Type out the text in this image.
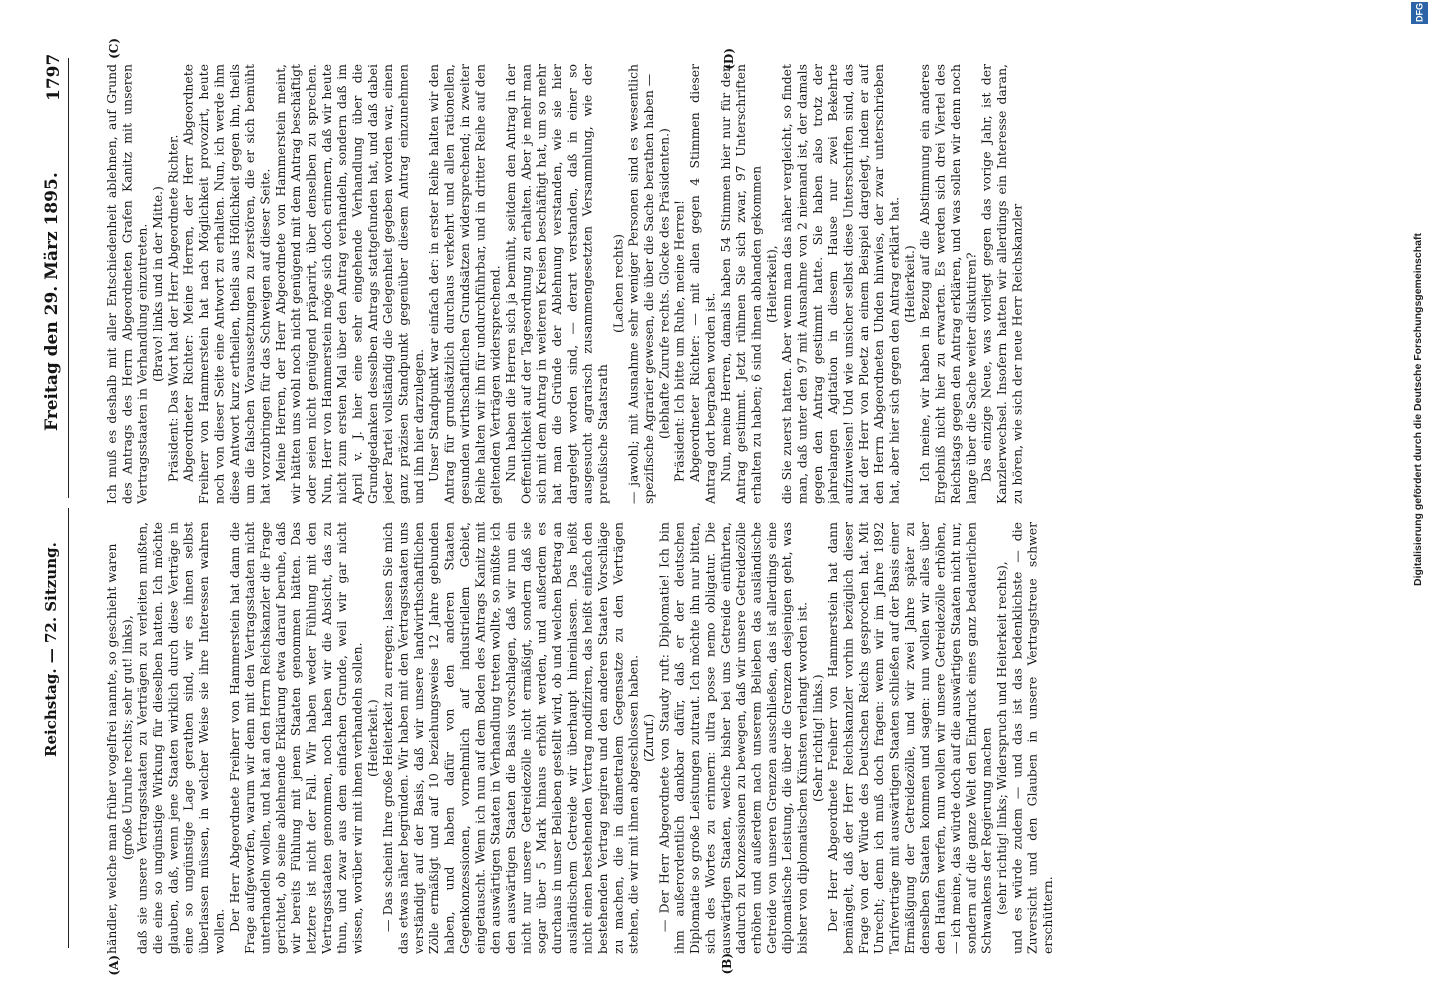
Reichstag. — 72. Sitzung.
Freitag den 29. März 1895.
1797
(A)	(B)
(D)
(C)

händler, welche man früher vogelfrei nannte, so geschieht waren (große Unruhe rechts; sehr gut! links), daß sie unsere Vertragsstaaten zu Verträgen zu verleiten mußten, die eine so ungünstige Wirkung für dieselben hatten. Ich möchte glauben, daß, wenn jene Staaten wirklich durch diese Verträge in eine so ungünstige Lage gerathen sind, wir es ihnen selbst überlassen müssen, in welcher Weise sie ihre Interessen wahren wollen. Der Herr Abgeordnete Freiherr von Hammerstein hat dann die Frage aufgeworfen, warum wir denn mit den Vertragsstaaten nicht unterhandeln wollen, und hat an den Herrn Reichskanzler die Frage gerichtet, ob seine ablehnende Erklärung etwa darauf beruhe, daß wir bereits Fühlung mit jenen Staaten genommen hätten. Das letztere ist nicht der Fall. Wir haben weder Fühlung mit den Vertragsstaaten genommen, noch haben wir die Absicht, das zu thun, und zwar aus dem einfachen Grunde, weil wir gar nicht wissen, worüber wir mit ihnen verhandeln sollen. (Heiterkeit.) — Das scheint Ihre große Heiterkeit zu erregen; lassen Sie mich das etwas näher begründen. Wir haben mit den Vertragsstaaten uns verständigt auf der Basis, daß wir unsere landwirthschaftlichen Zölle ermäßigt und auf 10 beziehungsweise 12 Jahre gebunden haben, und haben dafür von den anderen Staaten Gegenkonzessionen, vornehmlich auf industriellem Gebiet, eingetauscht. Wenn ich nun auf dem Boden des Antrags Kanitz mit den auswärtigen Staaten in Verhandlung treten wollte, so müßte ich den auswärtigen Staaten die Basis vorschlagen, daß wir nun ein nicht nur unsere Getreidezölle nicht ermäßigt, sondern daß sie sogar über 5 Mark hinaus erhöht werden, und außerdem es durchaus in unser Belieben gestellt wird, ob und welchen Betrag an ausländischem Getreide wir überhaupt hineinlassen. Das heißt nicht einen bestehenden Vertrag modifiziren, das heißt einfach den bestehenden Vertrag negiren und den anderen Staaten Vorschläge zu machen, die in diametralem Gegensatze zu den Verträgen stehen, die wir mit ihnen abgeschlossen haben. (Zuruf.) — Der Herr Abgeordnete von Staudy ruft: Diplomatie! Ich bin ihm außerordentlich dankbar dafür, daß er der deutschen Diplomatie so große Leistungen zutraut. Ich möchte ihn nur bitten, sich des Wortes zu erinnern: ultra posse nemo obligatur. Die auswärtigen Staaten, welche bisher bei uns Getreide einführten, dadurch zu Konzessionen zu bewegen, daß wir unsere Getreidezölle erhöhen und außerdem nach unserem Belieben das ausländische Getreide von unseren Grenzen ausschließen, das ist allerdings eine diplomatische Leistung, die über die Grenzen desjenigen geht, was bisher von diplomatischen Künsten verlangt worden ist. (Sehr richtig! links.) Der Herr Abgeordnete Freiherr von Hammerstein hat dann bemängelt, daß der Herr Reichskanzler vorhin bezüglich dieser Frage von der Würde des Deutschen Reichs gesprochen hat. Mit Unrecht; denn ich muß doch fragen: wenn wir im Jahre 1892 Tarifverträge mit auswärtigen Staaten schließen auf der Basis einer Ermäßigung der Getreidezölle, und wir zwei Jahre später zu denselben Staaten kommen und sagen: nun wollen wir alles über den Haufen werfen, nun wollen wir unsere Getreidezölle erhöhen, — ich meine, das würde doch auf die auswärtigen Staaten nicht nur, sondern auf die ganze Welt den Eindruck eines ganz bedauerlichen Schwankens der Regierung machen (sehr richtig! links; Widerspruch und Heiterkeit rechts), und es würde zudem — und das ist das bedenklichste — die Zuversicht und den Glauben in unsere Vertragstreue schwer erschüttern.

Ich muß es deshalb mit aller Entschiedenheit ablehnen, auf Grund des Antrags des Herrn Abgeordneten Grafen Kanitz mit unseren Vertragsstaaten in Verhandlung einzutreten. (Bravo! links und in der Mitte.) Präsident: Das Wort hat der Herr Abgeordnete Richter. Abgeordneter Richter: Meine Herren, der Herr Abgeordnete Freiherr von Hammerstein hat nach Möglichkeit provozirt, heute noch von dieser Seite eine Antwort zu erhalten. Nun, ich werde ihm diese Antwort kurz ertheilen, theils aus Höflichkeit gegen ihn, theils um die falschen Voraussetzungen zu zerstören, die er sich bemüht hat vorzubringen für das Schweigen auf dieser Seite. Meine Herren, der Herr Abgeordnete von Hammerstein meint, wir hätten uns wohl noch nicht genügend mit dem Antrag beschäftigt oder seien nicht genügend präparirt, über denselben zu sprechen. Nun, Herr von Hammerstein möge sich doch erinnern, daß wir heute nicht zum ersten Mal über den Antrag verhandeln, sondern daß im April v. J. hier eine sehr eingehende Verhandlung über die Grundgedanken desselben Antrags stattgefunden hat, und daß dabei jeder Partei vollständig die Gelegenheit gegeben worden war, einen ganz präzisen Standpunkt gegenüber diesem Antrag einzunehmen und ihn hier darzulegen. Unser Standpunkt war einfach der: in erster Reihe halten wir den Antrag für grundsätzlich durchaus verkehrt und allen rationellen, gesunden wirthschaftlichen Grundsätzen widersprechend; in zweiter Reihe halten wir ihn für undurchführbar, und in dritter Reihe auf den geltenden Verträgen widersprechend. Nun haben die Herren sich ja bemüht, seitdem den Antrag in der Oeffentlichkeit auf der Tagesordnung zu erhalten. Aber je mehr man sich mit dem Antrag in weiteren Kreisen beschäftigt hat, um so mehr hat man die Gründe der Ablehnung verstanden, wie sie hier dargelegt worden sind, — derart verstanden, daß in einer so ausgesucht agrarisch zusammengesetzten Versammlung, wie der preußische Staatsrath

(Lachen rechts) — jawohl; mit Ausnahme sehr weniger Personen sind es wesentlich spezifische Agrarier gewesen, die über die Sache berathen haben — (lebhafte Zurufe rechts. Glocke des Präsidenten.) Präsident: Ich bitte um Ruhe, meine Herren! Abgeordneter Richter: — mit allen gegen 4 Stimmen dieser Antrag dort begraben worden ist. Nun, meine Herren, damals haben 54 Stimmen hier nur für den Antrag gestimmt. Jetzt rühmen Sie sich zwar, 97 Unterschriften erhalten zu haben; 6 sind ihnen abhanden gekommen (Heiterkeit), die Sie zuerst hatten. Aber wenn man das näher vergleicht, so findet man, daß unter den 97 mit Ausnahme von 2 niemand ist, der damals gegen den Antrag gestimmt hatte. Sie haben also trotz der jahrelangen Agitation in diesem Hause nur zwei Bekehrte aufzuweisen! Und wie unsicher selbst diese Unterschriften sind, das hat der Herr von Ploetz an einem Beispiel dargelegt, indem er auf den Herrn Abgeordneten Uhden hinwies, der zwar unterschrieben hat, aber hier sich gegen den Antrag erklärt hat. (Heiterkeit.) Ich meine, wir haben in Bezug auf die Abstimmung ein anderes Ergebniß nicht hier zu erwarten. Es werden sich drei Viertel des Reichstags gegen den Antrag erklären, und was sollen wir denn noch lange über die Sache weiter diskutiren? Das einzige Neue, was vorliegt gegen das vorige Jahr, ist der Kanzlerwechsel. Insofern hatten wir allerdings ein Interesse daran, zu hören, wie sich der neue Herr Reichskanzler

DFG
Digitalisierung gefördert durch die Deutsche Forschungsgemeinschaft
